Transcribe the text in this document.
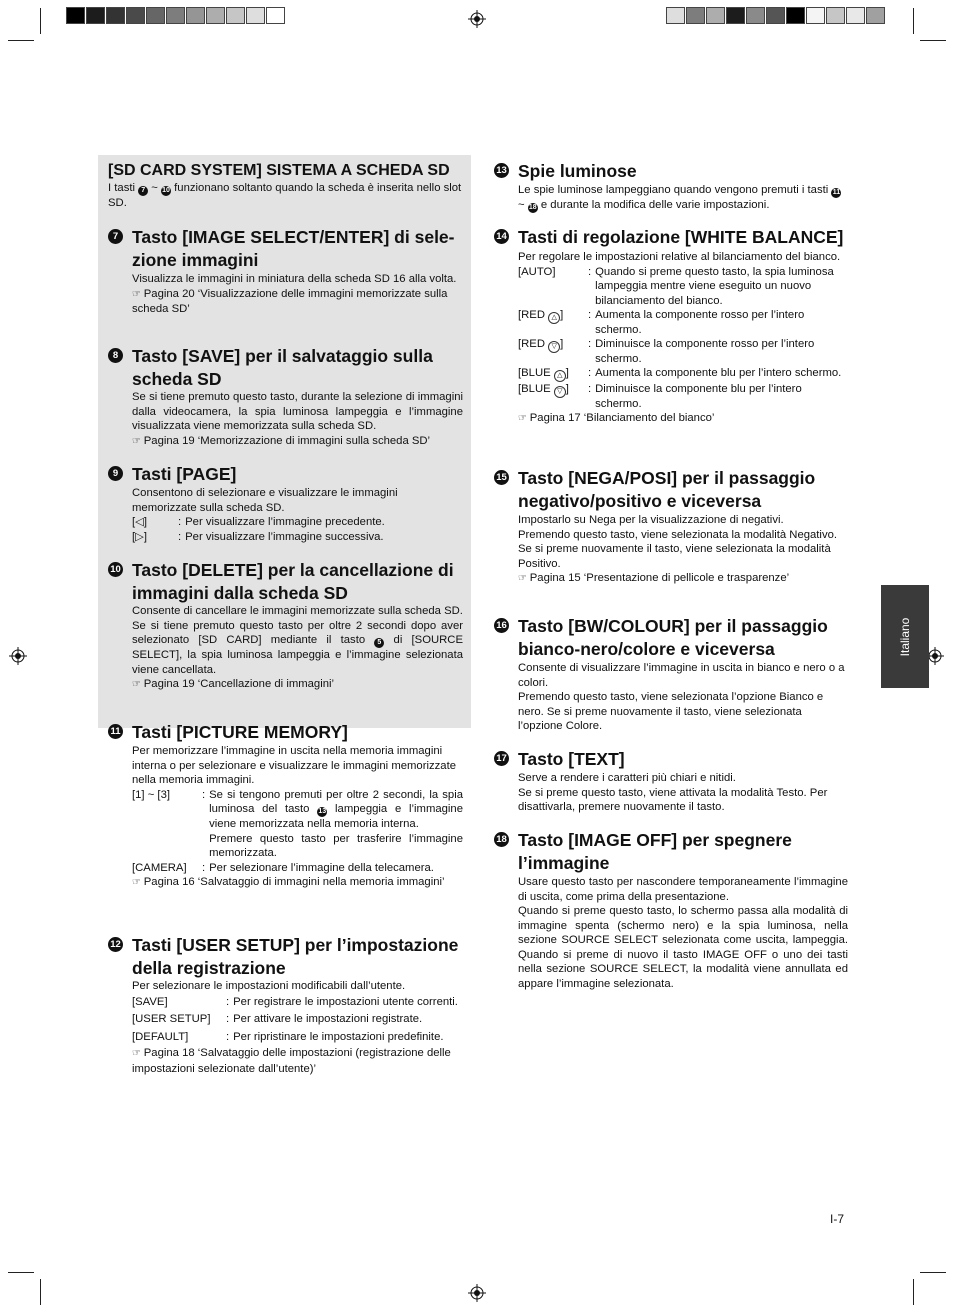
[SD CARD SYSTEM] SISTEMA A SCHEDA SD
I tasti 7 ~ 10 funzionano soltanto quando la scheda è inserita nello slot SD.
7 Tasto [IMAGE SELECT/ENTER] di sele-
zione immagini

Visualizza le immagini in miniatura della scheda SD 16 alla volta.

☞ Pagina 20 ‘Visualizzazione delle immagini memorizzate sulla scheda SD’

8 Tasto [SAVE] per il salvataggio sulla
scheda SD

Se si tiene premuto questo tasto, durante la selezione di immagini dalla videocamera, la spia luminosa lampeggia e l’immagine visualizzata viene memorizzata sulla scheda SD.

☞ Pagina 19 ‘Memorizzazione di immagini sulla scheda SD’

9 Tasti [PAGE]

Consentono di selezionare e visualizzare le immagini memorizzate sulla scheda SD.

[◁]	:	Per visualizzare l’immagine precedente.
[▷]	:	Per visualizzare l’immagine successiva.
10 Tasto [DELETE] per la cancellazione di
immagini dalla scheda SD

Consente di cancellare le immagini memorizzate sulla scheda SD.

Se si tiene premuto questo tasto per oltre 2 secondi dopo aver selezionato [SD CARD] mediante il tasto 5 di [SOURCE SELECT], la spia luminosa lampeggia e l’immagine selezionata viene cancellata.

☞ Pagina 19 ‘Cancellazione di immagini’

11 Tasti [PICTURE MEMORY]

Per memorizzare l’immagine in uscita nella memoria immagini interna o per selezionare e visualizzare le immagini memorizzate nella memoria immagini.

[1] ~ [3]	:	Se si tengono premuti per oltre 2 secondi, la spia luminosa del tasto 13 lampeggia e l’immagine viene memorizzata nella memoria interna.
Premere questo tasto per trasferire l’immagine memorizzata.

[CAMERA]	:	Per selezionare l’immagine della telecamera.

☞ Pagina 16 ‘Salvataggio di immagini nella memoria immagini’

12 Tasti [USER SETUP] per l’impostazione
della registrazione

Per selezionare le impostazioni modificabili dall’utente.

[SAVE]	:	Per registrare le impostazioni utente correnti.
[USER SETUP]	:	Per attivare le impostazioni registrate.
[DEFAULT]	:	Per ripristinare le impostazioni predefinite.

☞ Pagina 18 ‘Salvataggio delle impostazioni (registrazione delle impostazioni selezionate dall’utente)’

13 Spie luminose

Le spie luminose lampeggiano quando vengono premuti i tasti 11 ~ 18 e durante la modifica delle varie impostazioni.

14 Tasti di regolazione [WHITE BALANCE]

Per regolare le impostazioni relative al bilanciamento del bianco.

[AUTO]	:	Quando si preme questo tasto, la spia luminosa lampeggia mentre viene eseguito un nuovo bilanciamento del bianco.
[RED △ ]	:	Aumenta la componente rosso per l’intero schermo.
[RED ▽ ]	:	Diminuisce la componente rosso per l’intero schermo.
[BLUE △ ]	:	Aumenta la componente blu per l’intero schermo.
[BLUE ▽ ]	:	Diminuisce la componente blu per l’intero schermo.

☞ Pagina 17 ‘Bilanciamento del bianco’

15 Tasto [NEGA/POSI] per il passaggio
negativo/positivo e viceversa

Impostarlo su Nega per la visualizzazione di negativi.

Premendo questo tasto, viene selezionata la modalità Negativo.

Se si preme nuovamente il tasto, viene selezionata la modalità Positivo.

☞ Pagina 15 ‘Presentazione di pellicole e trasparenze’

16 Tasto [BW/COLOUR] per il passaggio
bianco-nero/colore e viceversa

Consente di visualizzare l’immagine in uscita in bianco e nero o a colori.

Premendo questo tasto, viene selezionata l’opzione Bianco e nero. Se si preme nuovamente il tasto, viene selezionata l’opzione Colore.

17 Tasto [TEXT]

Serve a rendere i caratteri più chiari e nitidi.

Se si preme questo tasto, viene attivata la modalità Testo. Per disattivarla, premere nuovamente il tasto.

18 Tasto [IMAGE OFF] per spegnere
l’immagine

Usare questo tasto per nascondere temporaneamente l’immagine di uscita, come prima della presentazione.

Quando si preme questo tasto, lo schermo passa alla modalità di immagine spenta (schermo nero) e la spia luminosa, nella sezione SOURCE SELECT selezionata come uscita, lampeggia. Quando si preme di nuovo il tasto IMAGE OFF o uno dei tasti nella sezione SOURCE SELECT, la modalità viene annullata ed appare l’immagine selezionata.

Italiano
I-7
